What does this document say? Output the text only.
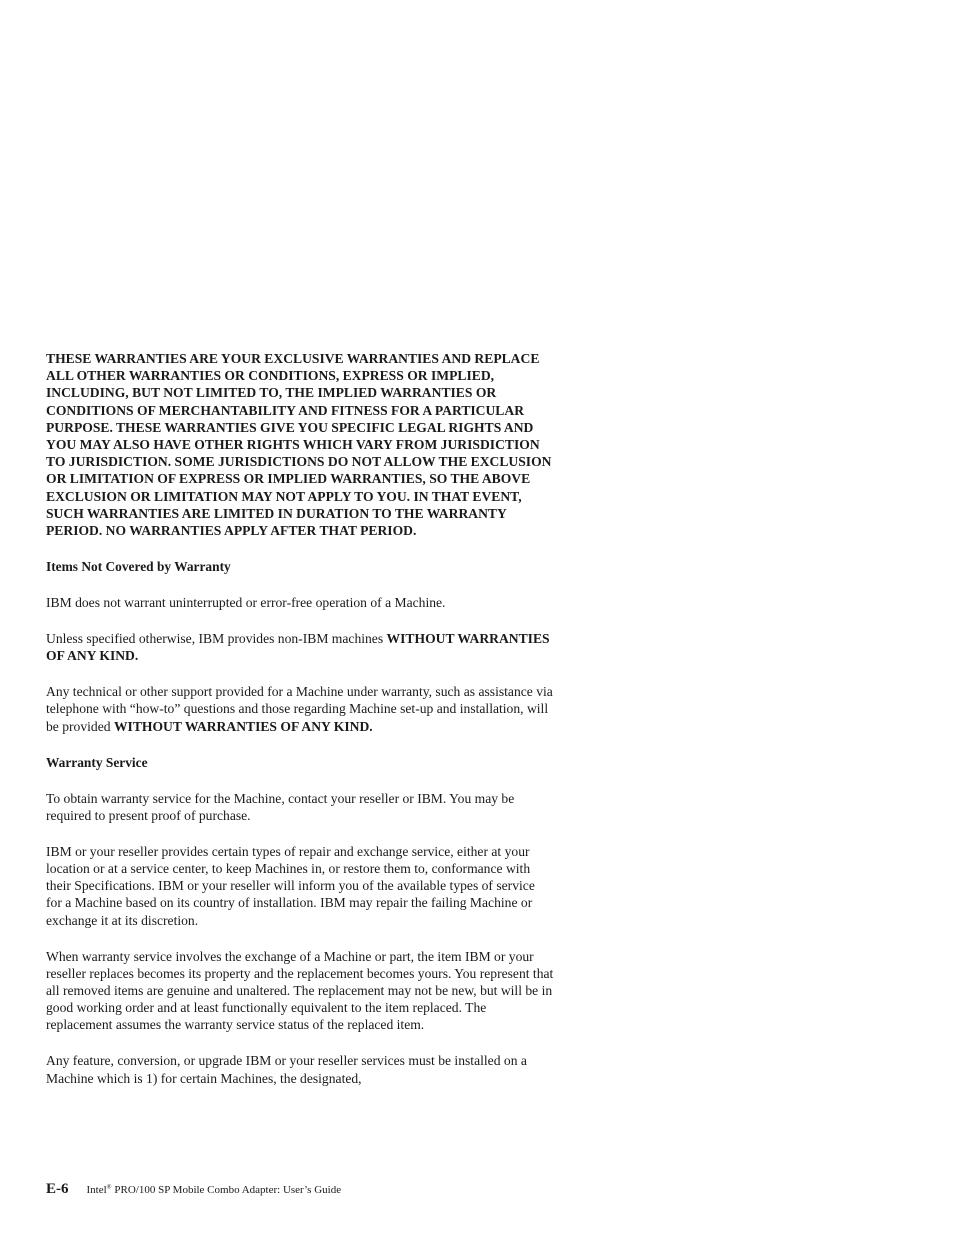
THESE WARRANTIES ARE YOUR EXCLUSIVE WARRANTIES AND REPLACE ALL OTHER WARRANTIES OR CONDITIONS, EXPRESS OR IMPLIED, INCLUDING, BUT NOT LIMITED TO, THE IMPLIED WARRANTIES OR CONDITIONS OF MERCHANTABILITY AND FITNESS FOR A PARTICULAR PURPOSE. THESE WARRANTIES GIVE YOU SPECIFIC LEGAL RIGHTS AND YOU MAY ALSO HAVE OTHER RIGHTS WHICH VARY FROM JURISDICTION TO JURISDICTION. SOME JURISDICTIONS DO NOT ALLOW THE EXCLUSION OR LIMITATION OF EXPRESS OR IMPLIED WARRANTIES, SO THE ABOVE EXCLUSION OR LIMITATION MAY NOT APPLY TO YOU. IN THAT EVENT, SUCH WARRANTIES ARE LIMITED IN DURATION TO THE WARRANTY PERIOD. NO WARRANTIES APPLY AFTER THAT PERIOD.

Items Not Covered by Warranty

IBM does not warrant uninterrupted or error-free operation of a Machine.

Unless specified otherwise, IBM provides non-IBM machines WITHOUT WARRANTIES OF ANY KIND.

Any technical or other support provided for a Machine under warranty, such as assistance via telephone with “how-to” questions and those regarding Machine set-up and installation, will be provided WITHOUT WARRANTIES OF ANY KIND.

Warranty Service

To obtain warranty service for the Machine, contact your reseller or IBM. You may be required to present proof of purchase.

IBM or your reseller provides certain types of repair and exchange service, either at your location or at a service center, to keep Machines in, or restore them to, conformance with their Specifications. IBM or your reseller will inform you of the available types of service for a Machine based on its country of installation. IBM may repair the failing Machine or exchange it at its discretion.

When warranty service involves the exchange of a Machine or part, the item IBM or your reseller replaces becomes its property and the replacement becomes yours. You represent that all removed items are genuine and unaltered. The replacement may not be new, but will be in good working order and at least functionally equivalent to the item replaced. The replacement assumes the warranty service status of the replaced item.

Any feature, conversion, or upgrade IBM or your reseller services must be installed on a Machine which is 1) for certain Machines, the designated,

E-6 Intel® PRO/100 SP Mobile Combo Adapter: User’s Guide
